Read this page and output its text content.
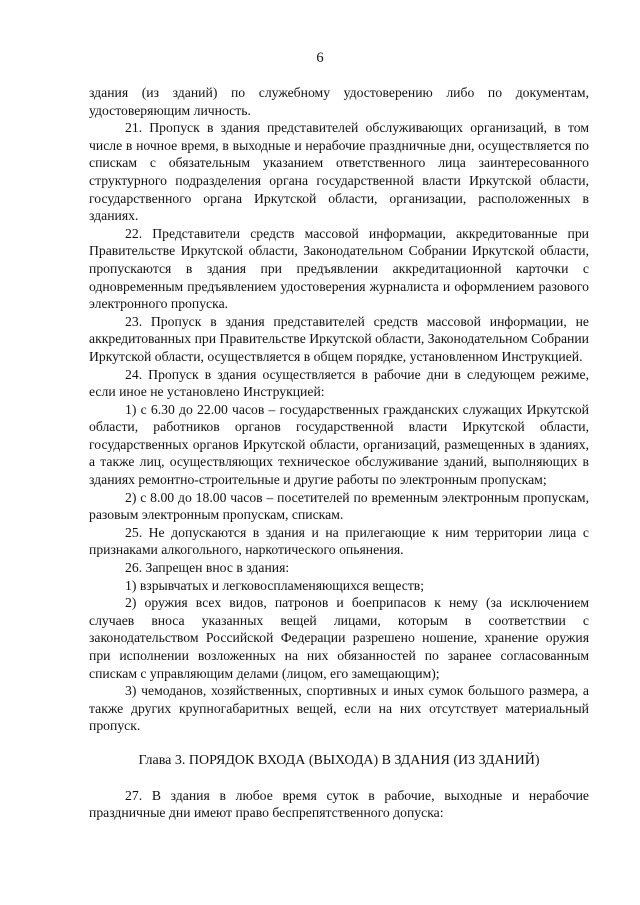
6

здания (из зданий) по служебному удостоверению либо по документам, удостоверяющим личность.

21. Пропуск в здания представителей обслуживающих организаций, в том числе в ночное время, в выходные и нерабочие праздничные дни, осуществляется по спискам с обязательным указанием ответственного лица заинтересованного структурного подразделения органа государственной власти Иркутской области, государственного органа Иркутской области, организации, расположенных в зданиях.

22. Представители средств массовой информации, аккредитованные при Правительстве Иркутской области, Законодательном Собрании Иркутской области, пропускаются в здания при предъявлении аккредитационной карточки с одновременным предъявлением удостоверения журналиста и оформлением разового электронного пропуска.

23. Пропуск в здания представителей средств массовой информации, не аккредитованных при Правительстве Иркутской области, Законодательном Собрании Иркутской области, осуществляется в общем порядке, установленном Инструкцией.

24. Пропуск в здания осуществляется в рабочие дни в следующем режиме, если иное не установлено Инструкцией:

1) с 6.30 до 22.00 часов – государственных гражданских служащих Иркутской области, работников органов государственной власти Иркутской области, государственных органов Иркутской области, организаций, размещенных в зданиях, а также лиц, осуществляющих техническое обслуживание зданий, выполняющих в зданиях ремонтно-строительные и другие работы по электронным пропускам;

2) с 8.00 до 18.00 часов – посетителей по временным электронным пропускам, разовым электронным пропускам, спискам.

25. Не допускаются в здания и на прилегающие к ним территории лица с признаками алкогольного, наркотического опьянения.

26. Запрещен внос в здания:

1) взрывчатых и легковоспламеняющихся веществ;

2) оружия всех видов, патронов и боеприпасов к нему (за исключением случаев вноса указанных вещей лицами, которым в соответствии с законодательством Российской Федерации разрешено ношение, хранение оружия при исполнении возложенных на них обязанностей по заранее согласованным спискам с управляющим делами (лицом, его замещающим);

3) чемоданов, хозяйственных, спортивных и иных сумок большого размера, а также других крупногабаритных вещей, если на них отсутствует материальный пропуск.

Глава 3. ПОРЯДОК ВХОДА (ВЫХОДА) В ЗДАНИЯ (ИЗ ЗДАНИЙ)

27. В здания в любое время суток в рабочие, выходные и нерабочие праздничные дни имеют право беспрепятственного допуска:
